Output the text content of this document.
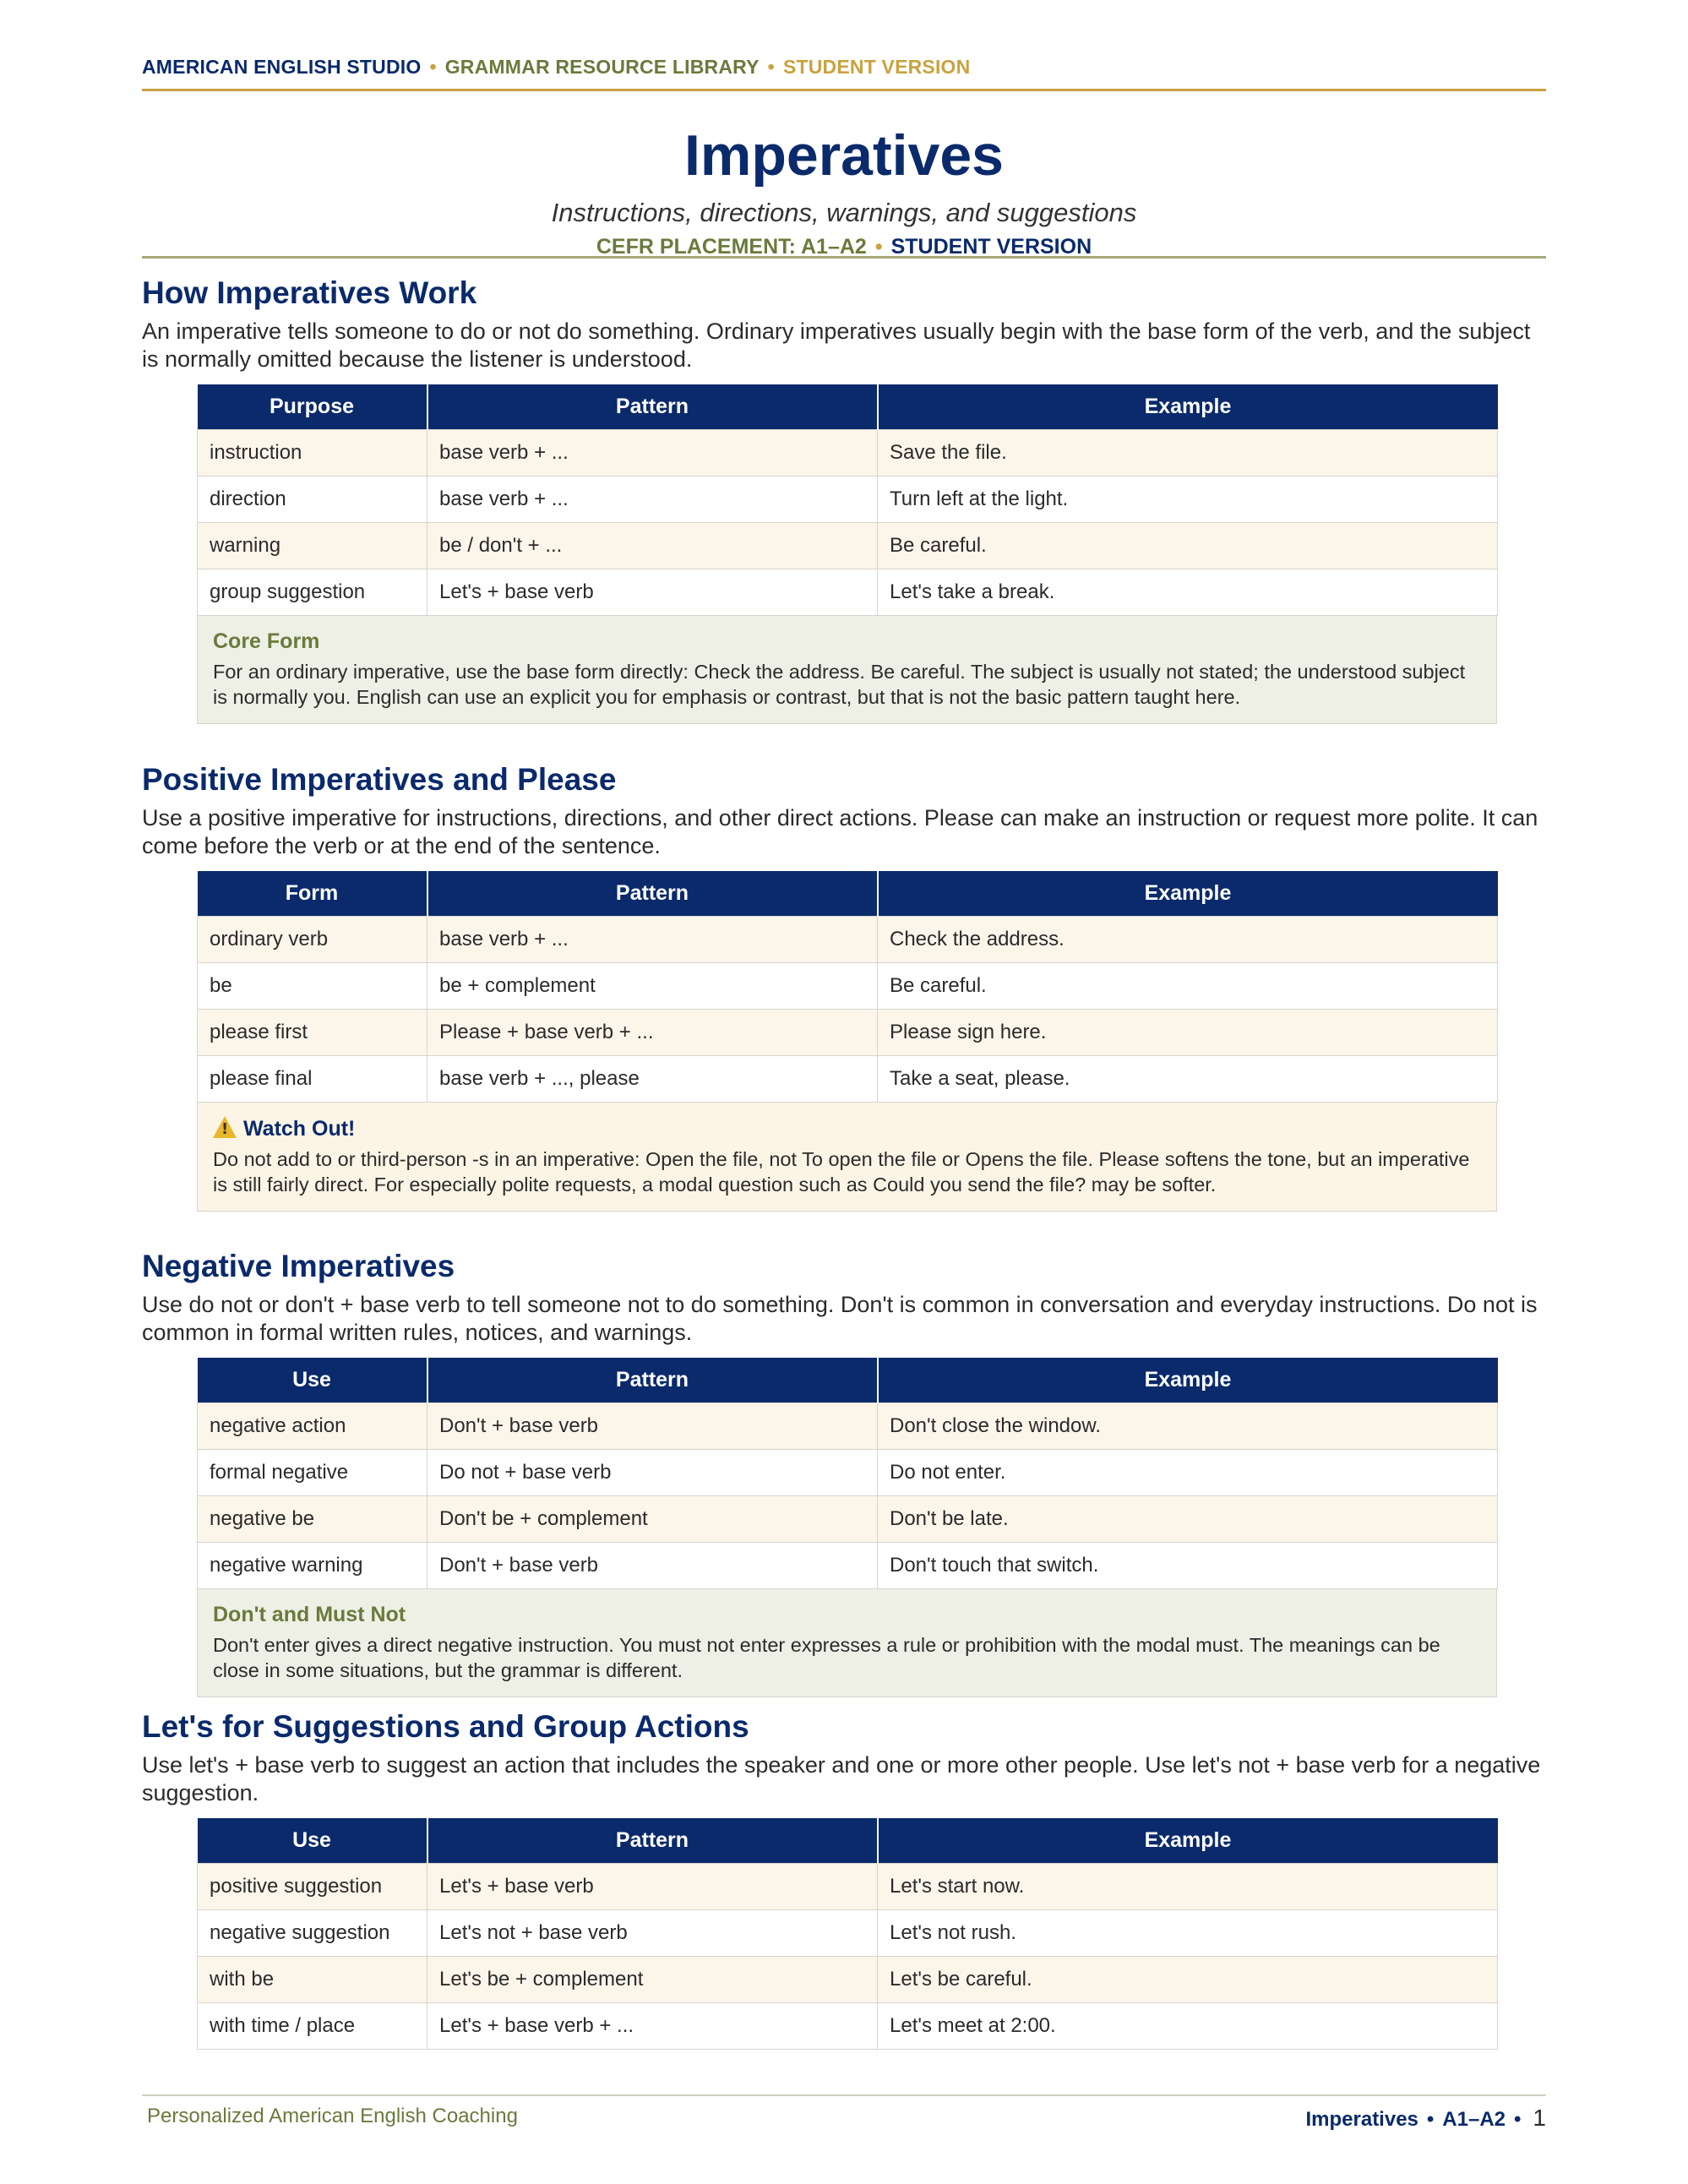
AMERICAN ENGLISH STUDIO • GRAMMAR RESOURCE LIBRARY • STUDENT VERSION
Imperatives
Instructions, directions, warnings, and suggestions
CEFR PLACEMENT: A1–A2 • STUDENT VERSION
How Imperatives Work

An imperative tells someone to do or not do something. Ordinary imperatives usually begin with the base form of the verb, and the subject is normally omitted because the listener is understood.

Purpose	Pattern	Example
instruction	base verb + ...	Save the file.
direction	base verb + ...	Turn left at the light.
warning	be / don't + ...	Be careful.
group suggestion	Let's + base verb	Let's take a break.
Core Form
For an ordinary imperative, use the base form directly: Check the address. Be careful. The subject is usually not stated; the understood subject is normally you. English can use an explicit you for emphasis or contrast, but that is not the basic pattern taught here.
Positive Imperatives and Please

Use a positive imperative for instructions, directions, and other direct actions. Please can make an instruction or request more polite. It can come before the verb or at the end of the sentence.

Form	Pattern	Example
ordinary verb	base verb + ...	Check the address.
be	be + complement	Be careful.
please first	Please + base verb + ...	Please sign here.
please final	base verb + ..., please	Take a seat, please.
!Watch Out!
Do not add to or third-person -s in an imperative: Open the file, not To open the file or Opens the file. Please softens the tone, but an imperative is still fairly direct. For especially polite requests, a modal question such as Could you send the file? may be softer.
Negative Imperatives

Use do not or don't + base verb to tell someone not to do something. Don't is common in conversation and everyday instructions. Do not is common in formal written rules, notices, and warnings.

Use	Pattern	Example
negative action	Don't + base verb	Don't close the window.
formal negative	Do not + base verb	Do not enter.
negative be	Don't be + complement	Don't be late.
negative warning	Don't + base verb	Don't touch that switch.
Don't and Must Not
Don't enter gives a direct negative instruction. You must not enter expresses a rule or prohibition with the modal must. The meanings can be close in some situations, but the grammar is different.
Let's for Suggestions and Group Actions

Use let's + base verb to suggest an action that includes the speaker and one or more other people. Use let's not + base verb for a negative suggestion.

Use	Pattern	Example
positive suggestion	Let's + base verb	Let's start now.
negative suggestion	Let's not + base verb	Let's not rush.
with be	Let's be + complement	Let's be careful.
with time / place	Let's + base verb + ...	Let's meet at 2:00.
Personalized American English Coaching	Imperatives • A1–A2 • 1
